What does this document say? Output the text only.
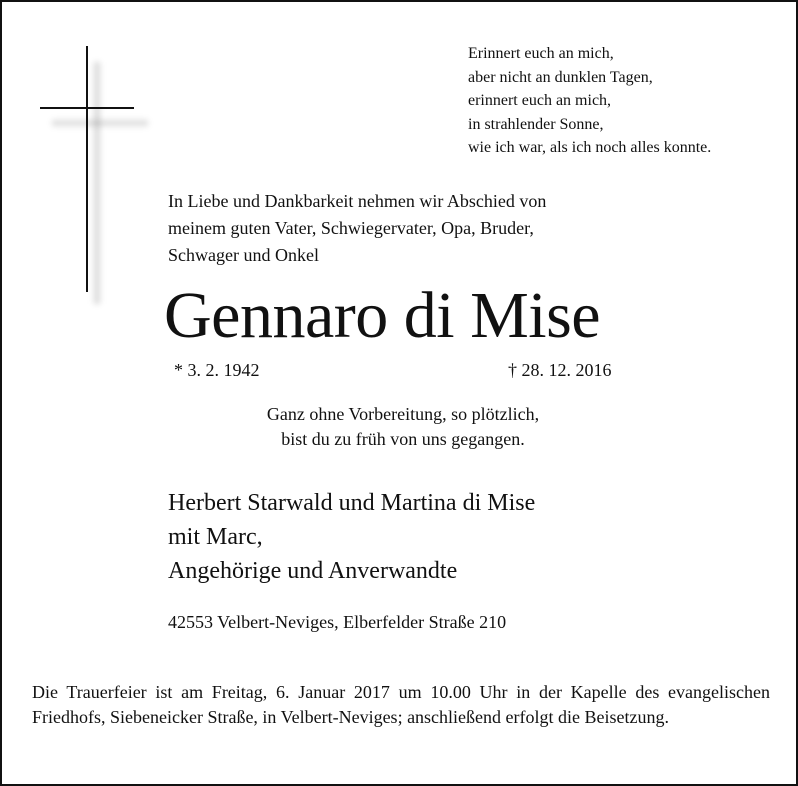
Erinnert euch an mich,
aber nicht an dunklen Tagen,
erinnert euch an mich,
in strahlender Sonne,
wie ich war, als ich noch alles konnte.
In Liebe und Dankbarkeit nehmen wir Abschied von
meinem guten Vater, Schwiegervater, Opa, Bruder,
Schwager und Onkel
Gennaro di Mise
* 3. 2. 1942	† 28. 12. 2016
Ganz ohne Vorbereitung, so plötzlich,
bist du zu früh von uns gegangen.
Herbert Starwald und Martina di Mise
mit Marc,
Angehörige und Anverwandte
42553 Velbert-Neviges, Elberfelder Straße 210
Die Trauerfeier ist am Freitag, 6. Januar 2017 um 10.00 Uhr in der Kapelle des evangelischen Friedhofs, Siebeneicker Straße, in Velbert-Neviges; anschließend erfolgt die Beisetzung.
